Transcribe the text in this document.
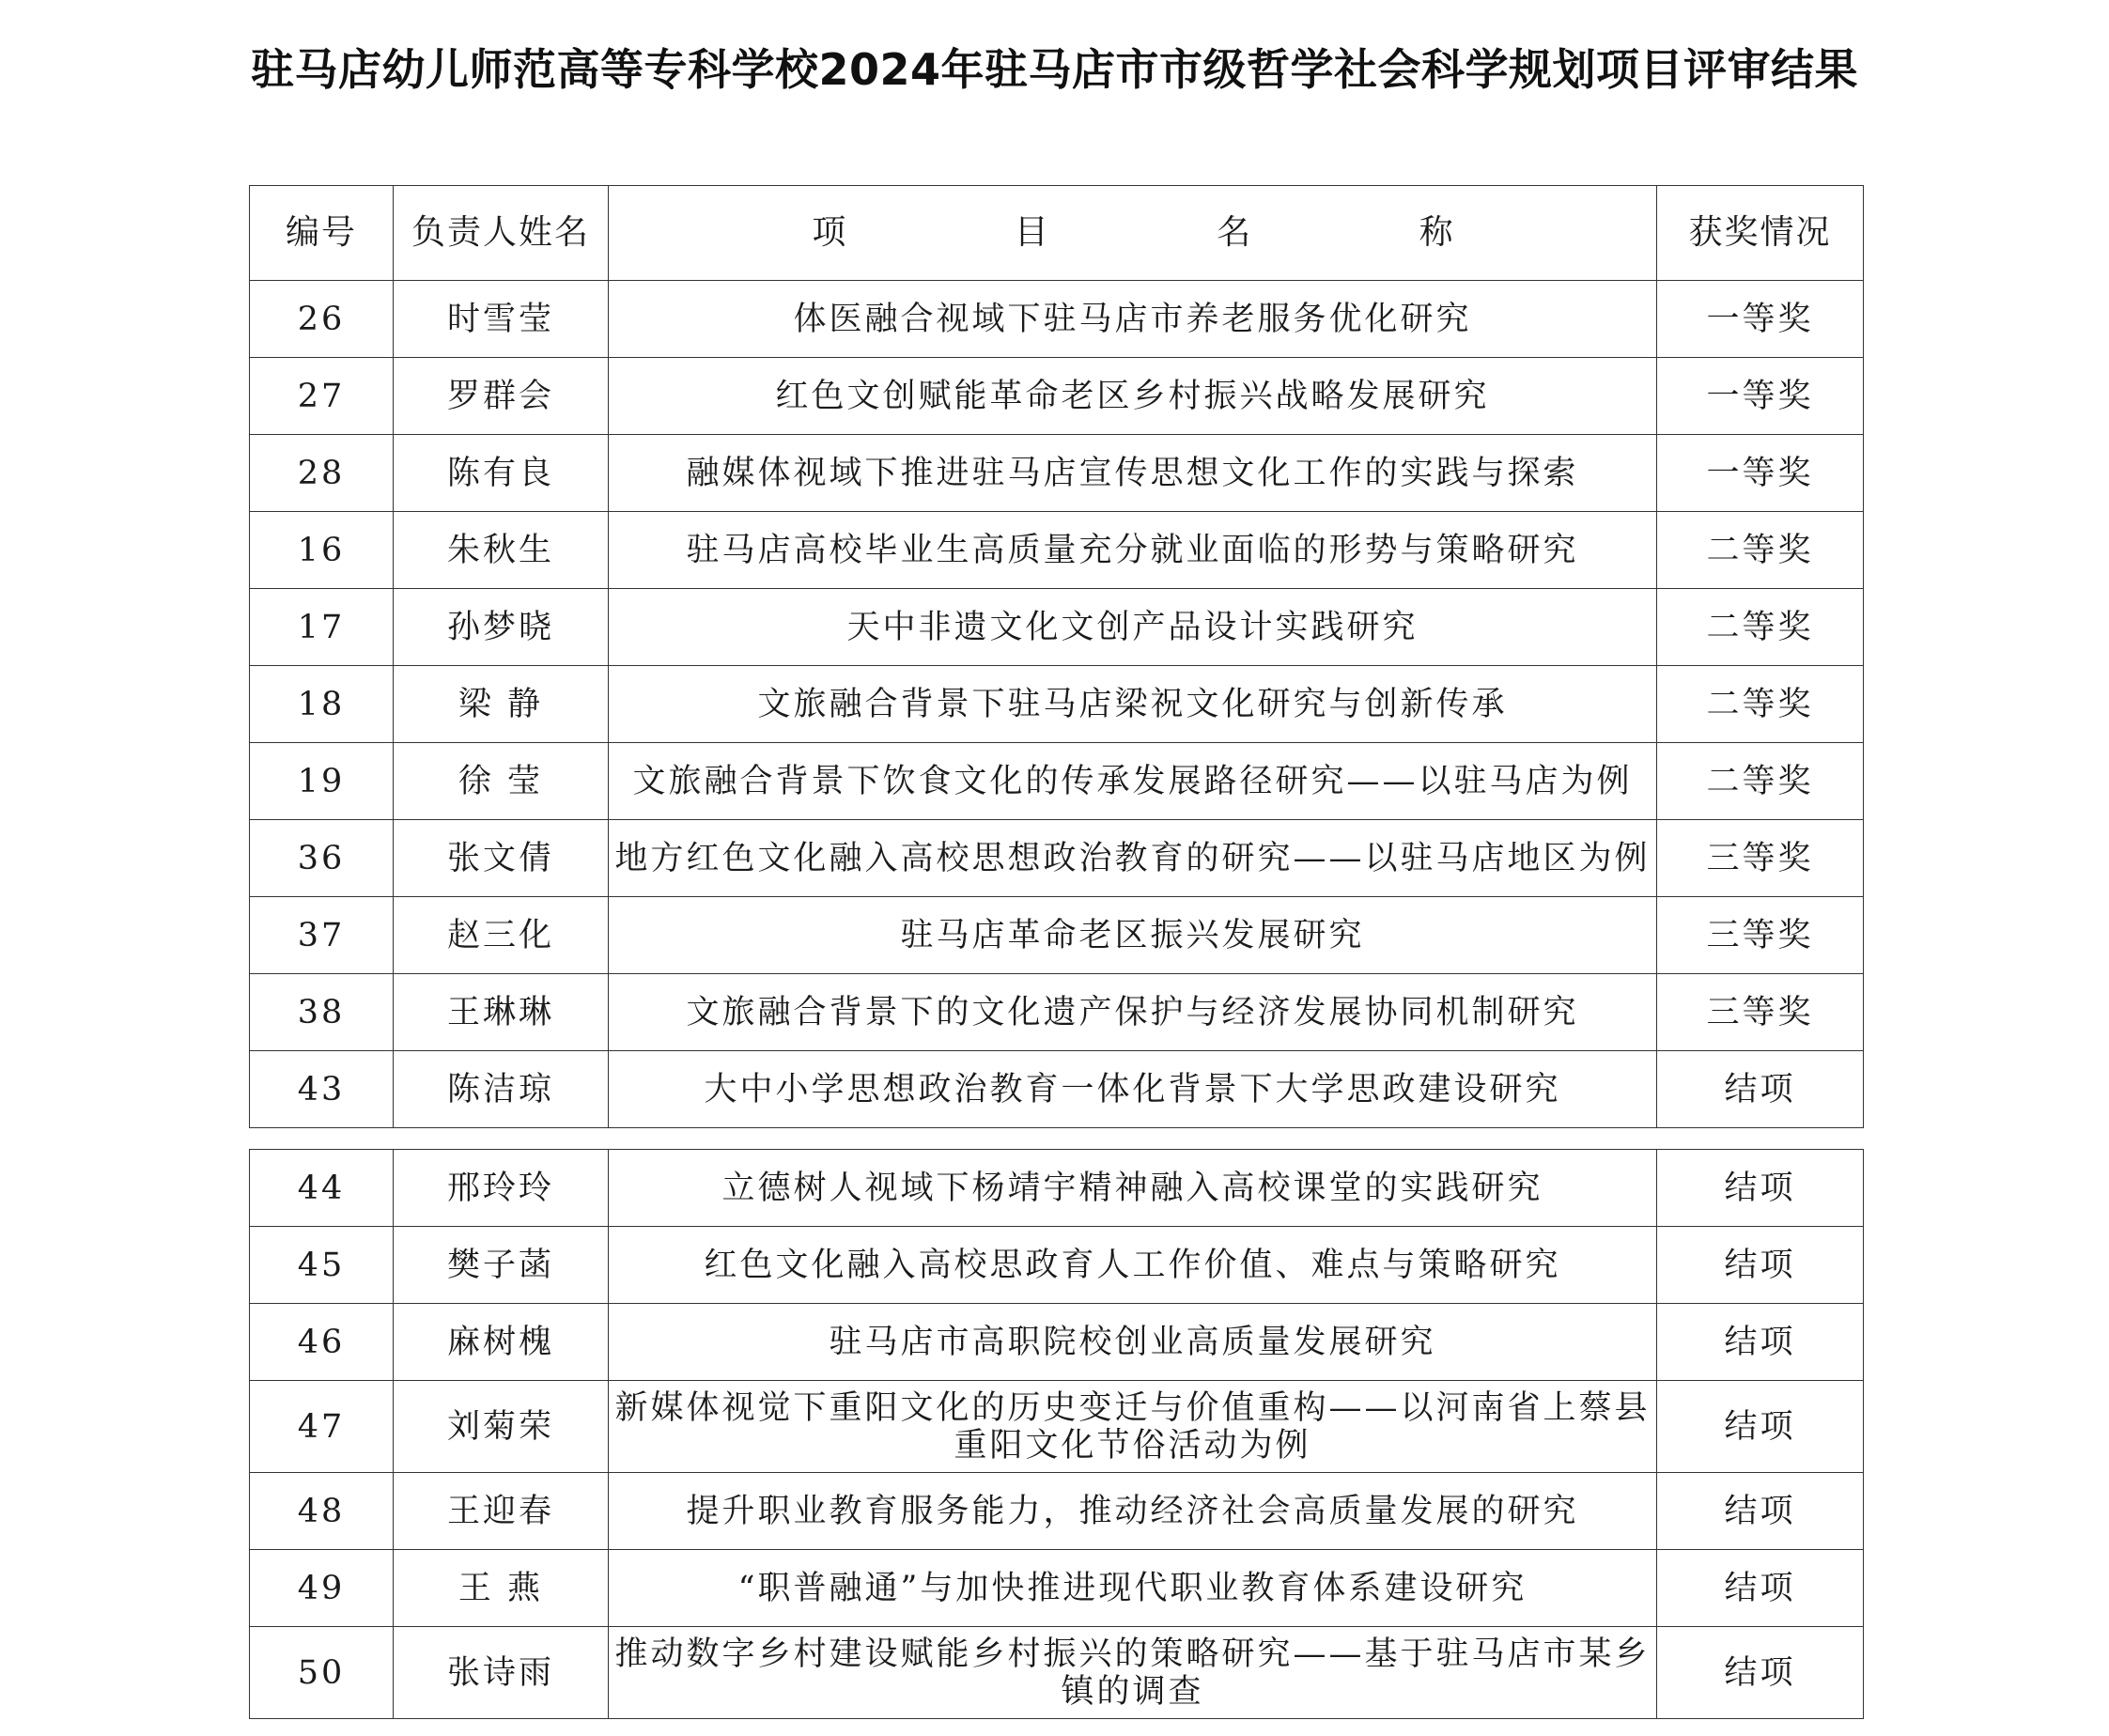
驻马店幼儿师范高等专科学校2024年驻马店市市级哲学社会科学规划项目评审结果
编号	负责人姓名	项 目 名 称	获奖情况
26	时雪莹	体医融合视域下驻马店市养老服务优化研究	一等奖
27	罗群会	红色文创赋能革命老区乡村振兴战略发展研究	一等奖
28	陈有良	融媒体视域下推进驻马店宣传思想文化工作的实践与探索	一等奖
16	朱秋生	驻马店高校毕业生高质量充分就业面临的形势与策略研究	二等奖
17	孙梦晓	天中非遗文化文创产品设计实践研究	二等奖
18	梁 静	文旅融合背景下驻马店梁祝文化研究与创新传承	二等奖
19	徐 莹	文旅融合背景下饮食文化的传承发展路径研究——以驻马店为例	二等奖
36	张文倩	地方红色文化融入高校思想政治教育的研究——以驻马店地区为例	三等奖
37	赵三化	驻马店革命老区振兴发展研究	三等奖
38	王琳琳	文旅融合背景下的文化遗产保护与经济发展协同机制研究	三等奖
43	陈洁琼	大中小学思想政治教育一体化背景下大学思政建设研究	结项
44	邢玲玲	立德树人视域下杨靖宇精神融入高校课堂的实践研究	结项
45	樊子菡	红色文化融入高校思政育人工作价值、难点与策略研究	结项
46	麻树槐	驻马店市高职院校创业高质量发展研究	结项
47	刘菊荣	新媒体视觉下重阳文化的历史变迁与价值重构——以河南省上蔡县重阳文化节俗活动为例	结项
48	王迎春	提升职业教育服务能力，推动经济社会高质量发展的研究	结项
49	王 燕	“职普融通”与加快推进现代职业教育体系建设研究	结项
50	张诗雨	推动数字乡村建设赋能乡村振兴的策略研究——基于驻马店市某乡镇的调查	结项
